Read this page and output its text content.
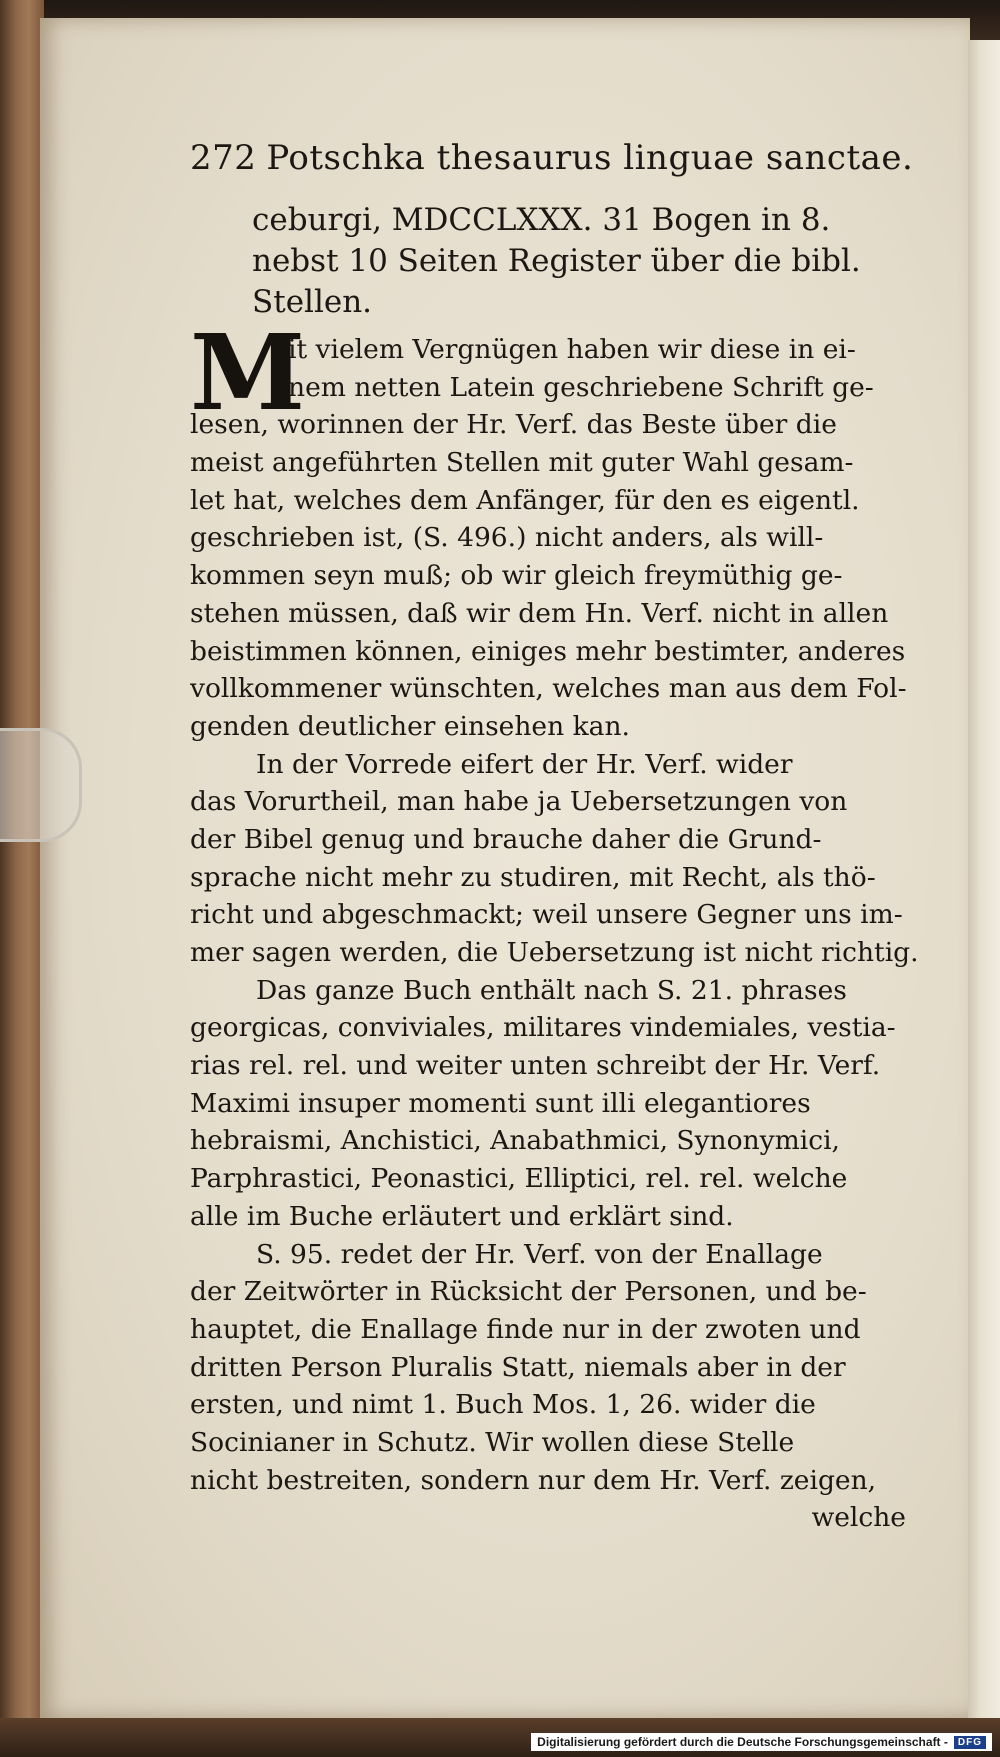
272 Potschka thesaurus linguae sanctae.
ceburgi, MDCCLXXX. 31 Bogen in 8.
nebst 10 Seiten Register über die bibl.
Stellen.
M
it vielem Vergnügen haben wir diese in ei-
nem netten Latein geschriebene Schrift ge-
lesen, worinnen der Hr. Verf. das Beste über die
meist angeführten Stellen mit guter Wahl gesam-
let hat, welches dem Anfänger, für den es eigentl.
geschrieben ist, (S. 496.) nicht anders, als will-
kommen seyn muß; ob wir gleich freymüthig ge-
stehen müssen, daß wir dem Hn. Verf. nicht in allen
beistimmen können, einiges mehr bestimter, anderes
vollkommener wünschten, welches man aus dem Fol-
genden deutlicher einsehen kan.
In der Vorrede eifert der Hr. Verf. wider
das Vorurtheil, man habe ja Uebersetzungen von
der Bibel genug und brauche daher die Grund-
sprache nicht mehr zu studiren, mit Recht, als thö-
richt und abgeschmackt; weil unsere Gegner uns im-
mer sagen werden, die Uebersetzung ist nicht richtig.
Das ganze Buch enthält nach S. 21. phrases
georgicas, conviviales, militares vindemiales, vestia-
rias rel. rel. und weiter unten schreibt der Hr. Verf.
Maximi insuper momenti sunt illi elegantiores
hebraismi, Anchistici, Anabathmici, Synonymici,
Parphrastici, Peonastici, Elliptici, rel. rel. welche
alle im Buche erläutert und erklärt sind.
S. 95. redet der Hr. Verf. von der Enallage
der Zeitwörter in Rücksicht der Personen, und be-
hauptet, die Enallage finde nur in der zwoten und
dritten Person Pluralis Statt, niemals aber in der
ersten, und nimt 1. Buch Mos. 1, 26. wider die
Socinianer in Schutz. Wir wollen diese Stelle
nicht bestreiten, sondern nur dem Hr. Verf. zeigen,
welche
Digitalisierung gefördert durch die Deutsche Forschungsgemeinschaft -	DFG
